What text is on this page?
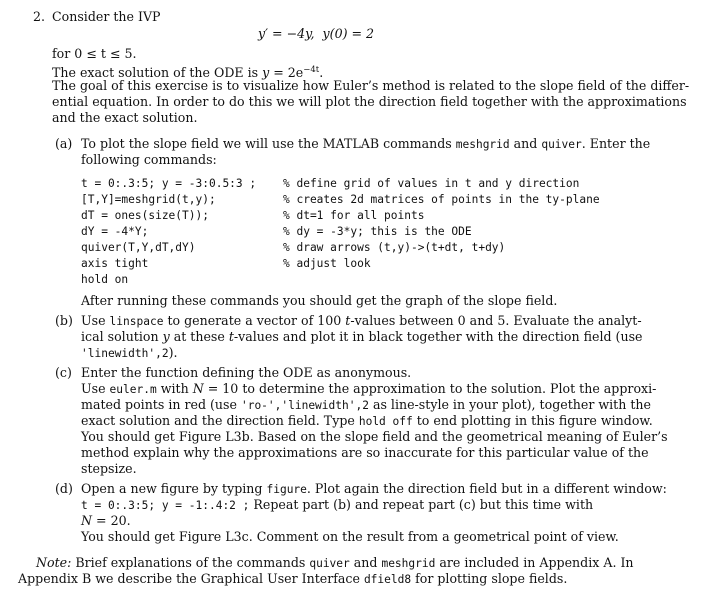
2. Consider the IVP
y′ = −4y,  y(0) = 2
for 0 ≤ t ≤ 5.
The exact solution of the ODE is $y = 2e^{-4t}$.
The goal of this exercise is to visualize how Euler’s method is related to the slope field of the differ-
ential equation. In order to do this we will plot the direction field together with the approximations
and the exact solution.
(a) To plot the slope field we will use the MATLAB commands meshgrid and quiver. Enter the
following commands:
t = 0:.3:5; y = -3:0.5:3 ;
[T,Y]=meshgrid(t,y);
dT = ones(size(T));
dY = -4*Y;
quiver(T,Y,dT,dY)
axis tight
hold on
% define grid of values in t and y direction
% creates 2d matrices of points in the ty-plane
% dt=1 for all points
% dy = -3*y; this is the ODE
% draw arrows (t,y)->(t+dt, t+dy)
% adjust look
After running these commands you should get the graph of the slope field.
(b) Use linspace to generate a vector of 100 t-values between 0 and 5. Evaluate the analyt-
ical solution y at these t-values and plot it in black together with the direction field (use
'linewidth',2).
(c) Enter the function defining the ODE as anonymous.
Use euler.m with N = 10 to determine the approximation to the solution. Plot the approxi-
mated points in red (use 'ro-','linewidth',2 as line-style in your plot), together with the
exact solution and the direction field. Type hold off to end plotting in this figure window.
You should get Figure L3b. Based on the slope field and the geometrical meaning of Euler’s
method explain why the approximations are so inaccurate for this particular value of the
stepsize.
(d) Open a new figure by typing figure. Plot again the direction field but in a different window:
t = 0:.3:5; y = -1:.4:2 ; Repeat part (b) and repeat part (c) but this time with
N = 20.
You should get Figure L3c. Comment on the result from a geometrical point of view.
Note: Brief explanations of the commands quiver and meshgrid are included in Appendix A. In
Appendix B we describe the Graphical User Interface dfield8 for plotting slope fields.
